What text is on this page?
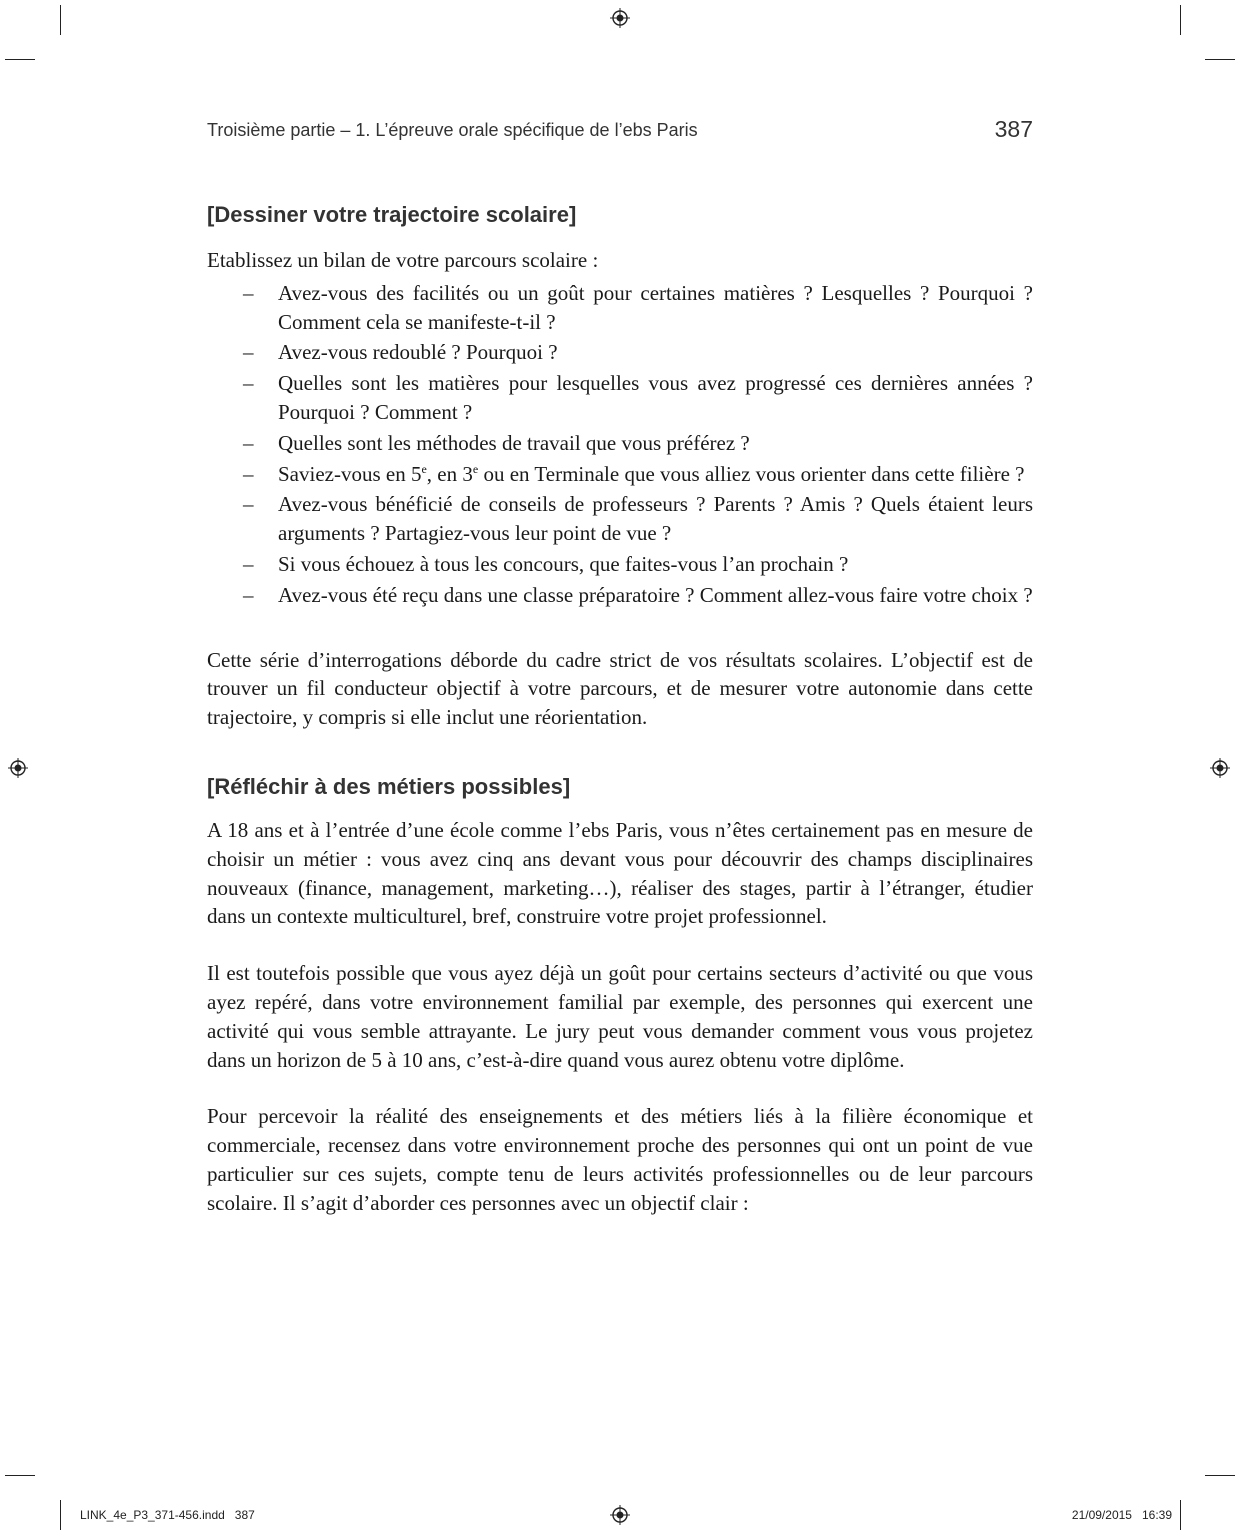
Troisième partie – 1. L’épreuve orale spécifique de l’ebs Paris	387
[Dessiner votre trajectoire scolaire]

Etablissez un bilan de votre parcours scolaire :

– Avez-vous des facilités ou un goût pour certaines matières ? Lesquelles ? Pourquoi ? Comment cela se manifeste-t-il ?
– Avez-vous redoublé ? Pourquoi ?
– Quelles sont les matières pour lesquelles vous avez progressé ces dernières années ? Pourquoi ? Comment ?
– Quelles sont les méthodes de travail que vous préférez ?
– Saviez-vous en 5e, en 3e ou en Terminale que vous alliez vous orienter dans cette filière ?
– Avez-vous bénéficié de conseils de professeurs ? Parents ? Amis ? Quels étaient leurs arguments ? Partagiez-vous leur point de vue ?
– Si vous échouez à tous les concours, que faites-vous l’an prochain ?
– Avez-vous été reçu dans une classe préparatoire ? Comment allez-vous faire votre choix ?

Cette série d’interrogations déborde du cadre strict de vos résultats scolaires. L’objectif est de trouver un fil conducteur objectif à votre parcours, et de mesurer votre autonomie dans cette trajectoire, y compris si elle inclut une réorientation.

[Réfléchir à des métiers possibles]

A 18 ans et à l’entrée d’une école comme l’ebs Paris, vous n’êtes certainement pas en mesure de choisir un métier : vous avez cinq ans devant vous pour découvrir des champs disciplinaires nouveaux (finance, management, marketing…), réaliser des stages, partir à l’étranger, étudier dans un contexte multiculturel, bref, construire votre projet professionnel.

Il est toutefois possible que vous ayez déjà un goût pour certains secteurs d’activité ou que vous ayez repéré, dans votre environnement familial par exemple, des personnes qui exercent une activité qui vous semble attrayante. Le jury peut vous demander comment vous vous projetez dans un horizon de 5 à 10 ans, c’est-à-dire quand vous aurez obtenu votre diplôme.

Pour percevoir la réalité des enseignements et des métiers liés à la filière économique et commerciale, recensez dans votre environnement proche des personnes qui ont un point de vue particulier sur ces sujets, compte tenu de leurs activités professionnelles ou de leur parcours scolaire. Il s’agit d’aborder ces personnes avec un objectif clair :

LINK_4e_P3_371-456.indd   387	21/09/2015   16:39
